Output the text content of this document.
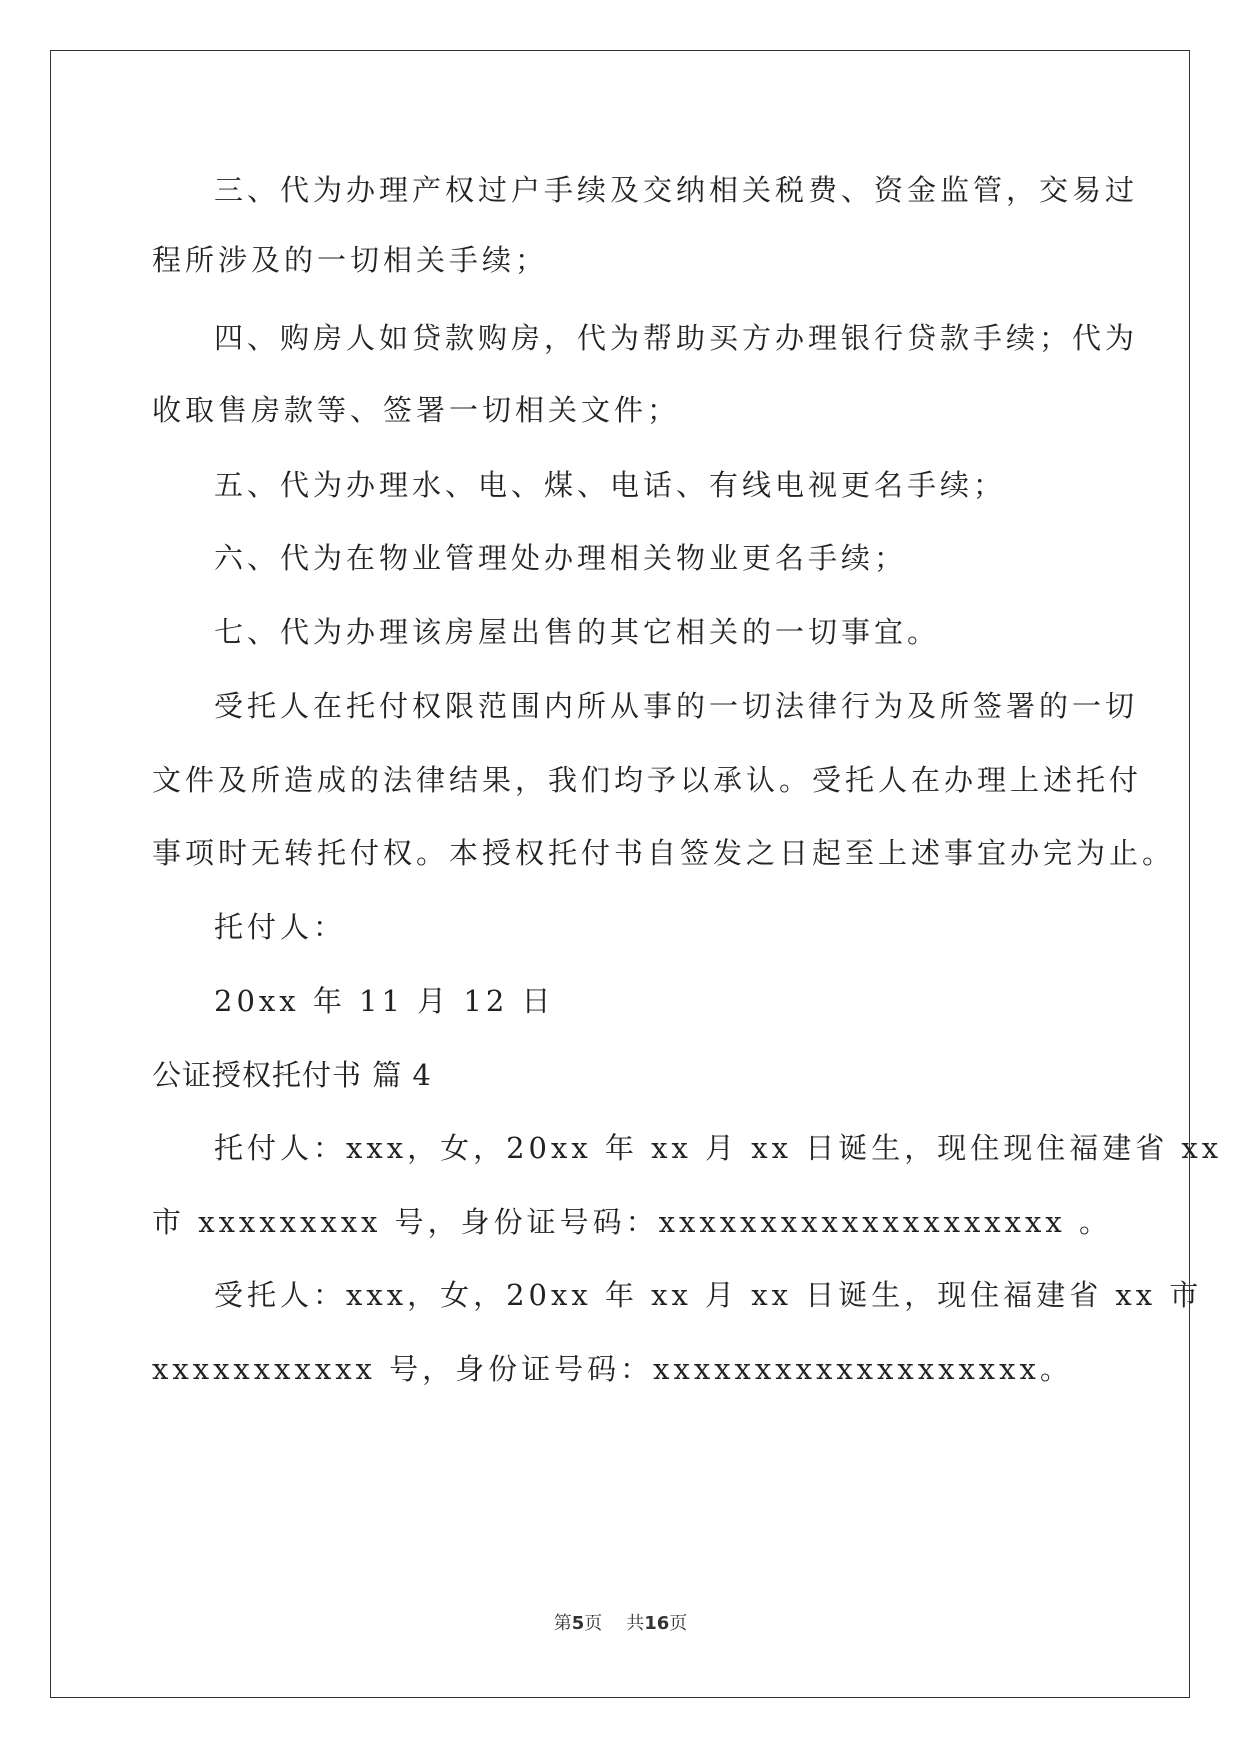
三、代为办理产权过户手续及交纳相关税费、资金监管，交易过
程所涉及的一切相关手续；
四、购房人如贷款购房，代为帮助买方办理银行贷款手续；代为
收取售房款等、签署一切相关文件；
五、代为办理水、电、煤、电话、有线电视更名手续；
六、代为在物业管理处办理相关物业更名手续；
七、代为办理该房屋出售的其它相关的一切事宜。
受托人在托付权限范围内所从事的一切法律行为及所签署的一切
文件及所造成的法律结果，我们均予以承认。受托人在办理上述托付
事项时无转托付权。本授权托付书自签发之日起至上述事宜办完为止。
托付人：
20xx 年 11 月 12 日
公证授权托付书 篇 4
托付人：xxx，女，20xx 年 xx 月 xx 日诞生，现住现住福建省 xx
市 xxxxxxxxx 号，身份证号码：xxxxxxxxxxxxxxxxxxxx 。
受托人：xxx，女，20xx 年 xx 月 xx 日诞生，现住福建省 xx 市
xxxxxxxxxxx 号，身份证号码：xxxxxxxxxxxxxxxxxxx。
第5页 共16页
